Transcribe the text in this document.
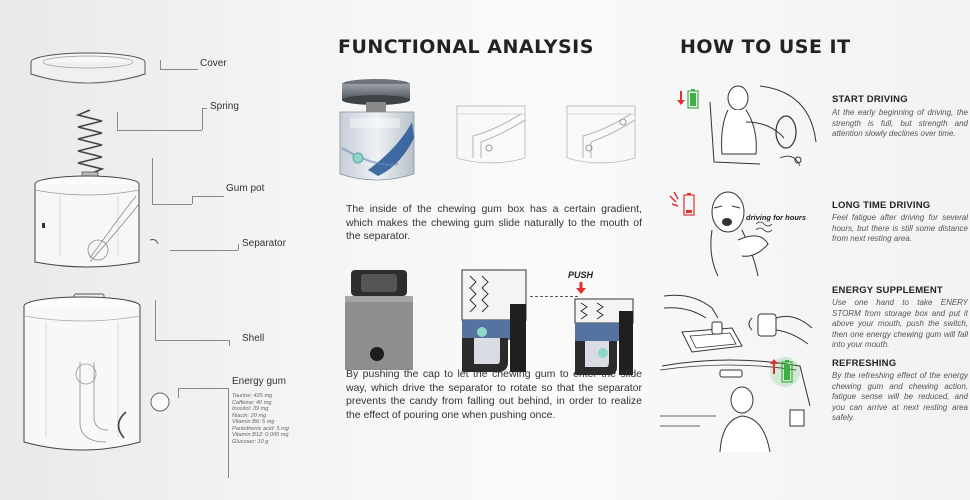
Cover
Spring
Gum pot
Separator
Shell
Energy gum
Taurine: 425 mg
Caffeine: 40 mg
Inositol: 39 mg
Niacin: 20 mg
Vitamin B6: 5 mg
Pantothenic acid: 5 mg
Vitamin B12: 0.005 mg
Glucoser: 10 g
FUNCTIONAL ANALYSIS
The inside of the chewing gum box has a certain gradient, which makes the chewing gum slide naturally to the mouth of the separator.
PUSH
By pushing the cap to let the chewing gum to enter the slide way, which drive the separator to rotate so that the separator prevents the candy from falling out behind, in order to realize the effect of pouring one when pushing once.
HOW TO USE IT
START DRIVING
At the early beginning of driving, the strength is full, but strength and attention slowly declines over time.
driving for hours
LONG TIME DRIVING
Feel fatigue after driving for several hours, but there is still some distance from next resting area.
ENERGY SUPPLEMENT
Use one hand to take ENERY STORM from storage box and put it above your mouth, push the switch, then one energy chewing gum will fall into your mouth.
REFRESHING
By the refreshing effect of the energy chewing gum and chewing action, fatigue sense will be reduced, and you can arrive at next resting area safely.
